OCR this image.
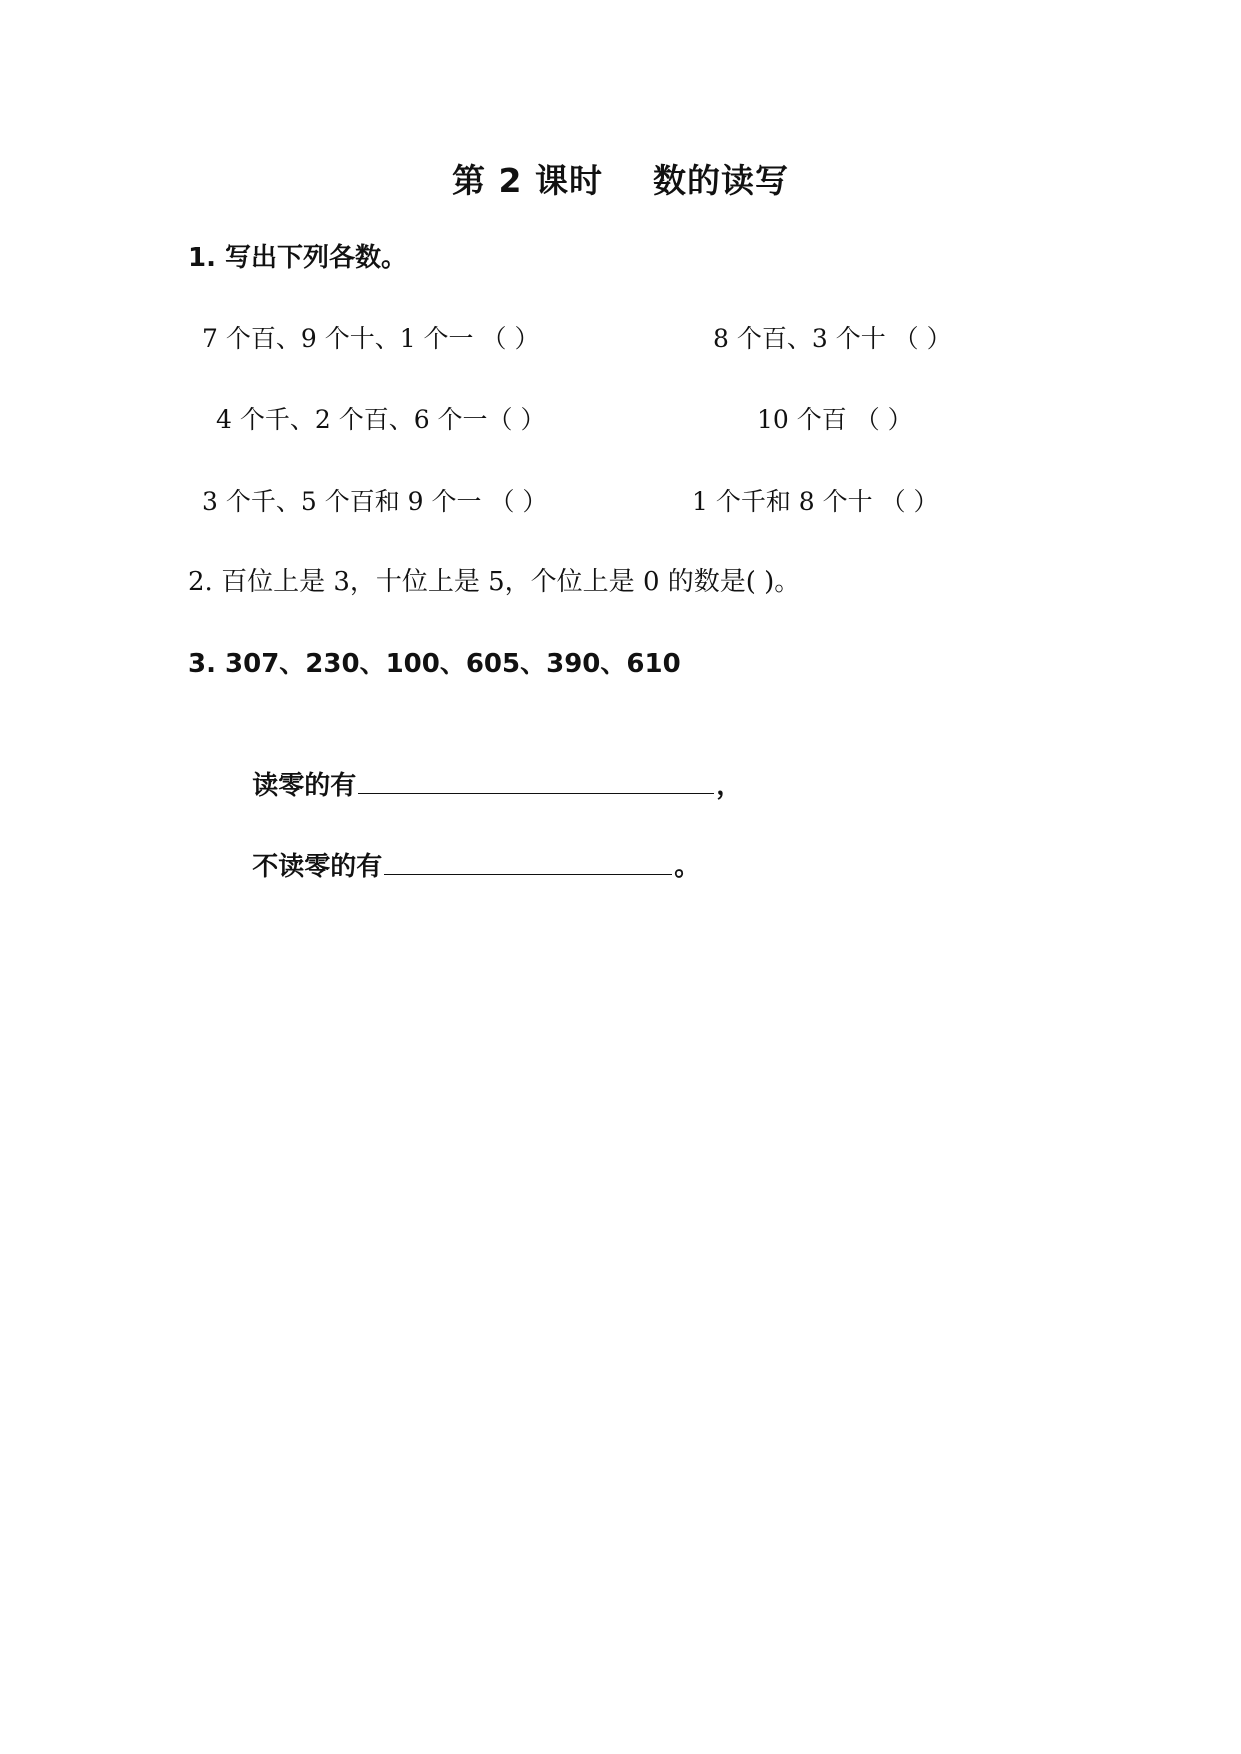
第 2 课时    数的读写
1. 写出下列各数。
7 个百、9 个十、1 个一 （ ）	8 个百、3 个十 （ ）
4 个千、2 个百、6 个一（ ）	10 个百 （ ）
3 个千、5 个百和 9 个一 （ ）	1 个千和 8 个十 （ ）
2. 百位上是 3，十位上是 5，个位上是 0 的数是( )。
3. 307、230、100、605、390、610

读零的有	，

不读零的有	。
